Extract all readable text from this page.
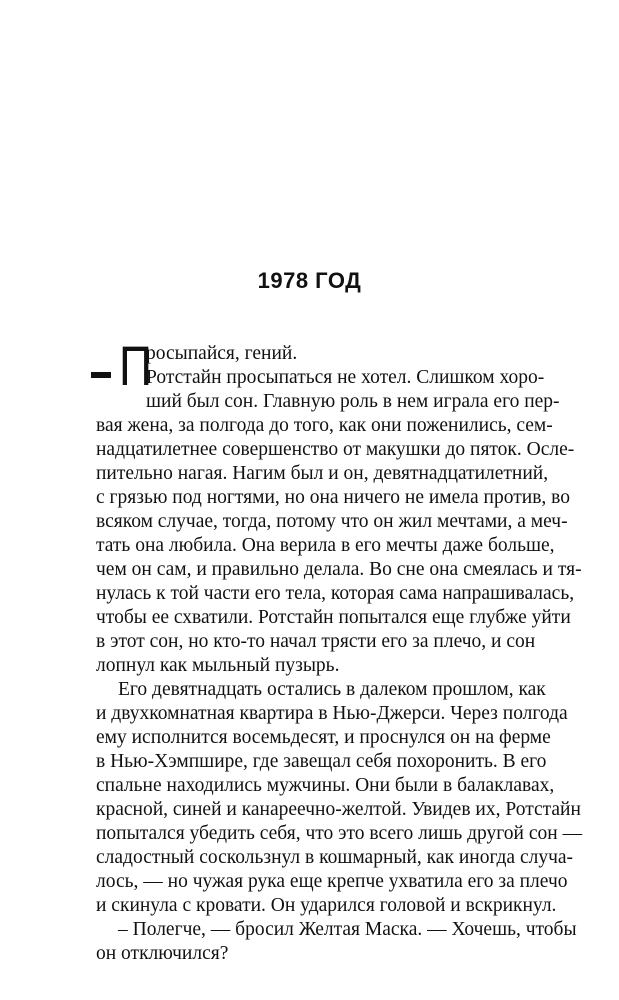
1978 ГОД
П
росыпайся, гений.
Ротстайн просыпаться не хотел. Слишком хоро-
ший был сон. Главную роль в нем играла его пер-
вая жена, за полгода до того, как они поженились, сем-
надцатилетнее совершенство от макушки до пяток. Осле-
пительно нагая. Нагим был и он, девятнадцатилетний,
с грязью под ногтями, но она ничего не имела против, во
всяком случае, тогда, потому что он жил мечтами, а меч-
тать она любила. Она верила в его мечты даже больше,
чем он сам, и правильно делала. Во сне она смеялась и тя-
нулась к той части его тела, которая сама напрашивалась,
чтобы ее схватили. Ротстайн попытался еще глубже уйти
в этот сон, но кто-то начал трясти его за плечо, и сон
лопнул как мыльный пузырь.
Его девятнадцать остались в далеком прошлом, как
и двухкомнатная квартира в Нью-Джерси. Через полгода
ему исполнится восемьдесят, и проснулся он на ферме
в Нью-Хэмпшире, где завещал себя похоронить. В его
спальне находились мужчины. Они были в балаклавах,
красной, синей и канареечно-желтой. Увидев их, Ротстайн
попытался убедить себя, что это всего лишь другой сон —
сладостный соскользнул в кошмарный, как иногда случа-
лось, — но чужая рука еще крепче ухватила его за плечо
и скинула с кровати. Он ударился головой и вскрикнул.
– Полегче, — бросил Желтая Маска. — Хочешь, чтобы
он отключился?
